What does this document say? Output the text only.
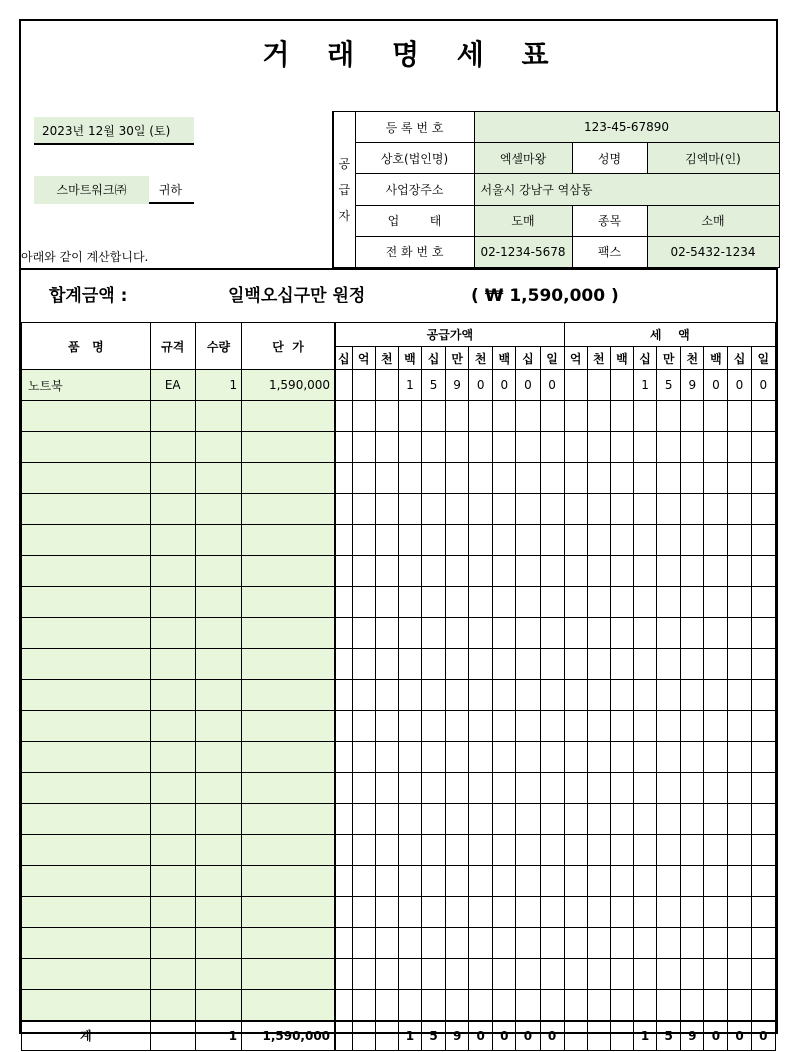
거 래 명 세 표
2023년 12월 30일 (토)
스마트워크㈜	귀하
아래와 같이 계산합니다.
공
급
자	등 록 번 호	123-45-67890		
	상호(법인명)	엑셀마왕	성명	김엑마(인)
	사업장주소	서울시 강남구 역삼동		
	업        태	도매	종목	소매
	전 화 번 호	02-1234-5678	팩스	02-5432-1234
합계금액 :	일백오십구만 원정	( ₩ 1,590,000 )
품   명	규격	수량	단  가	공급가액										세    액								
				십	억	천	백	십	만	천	백	십	일	억	천	백	십	만	천	백	십	일
노트북	EA	1	1,590,000				1	5	9	0	0	0	0				1	5	9	0	0	0

계		1	1,590,000				1	5	9	0	0	0	0				1	5	9	0	0	0
